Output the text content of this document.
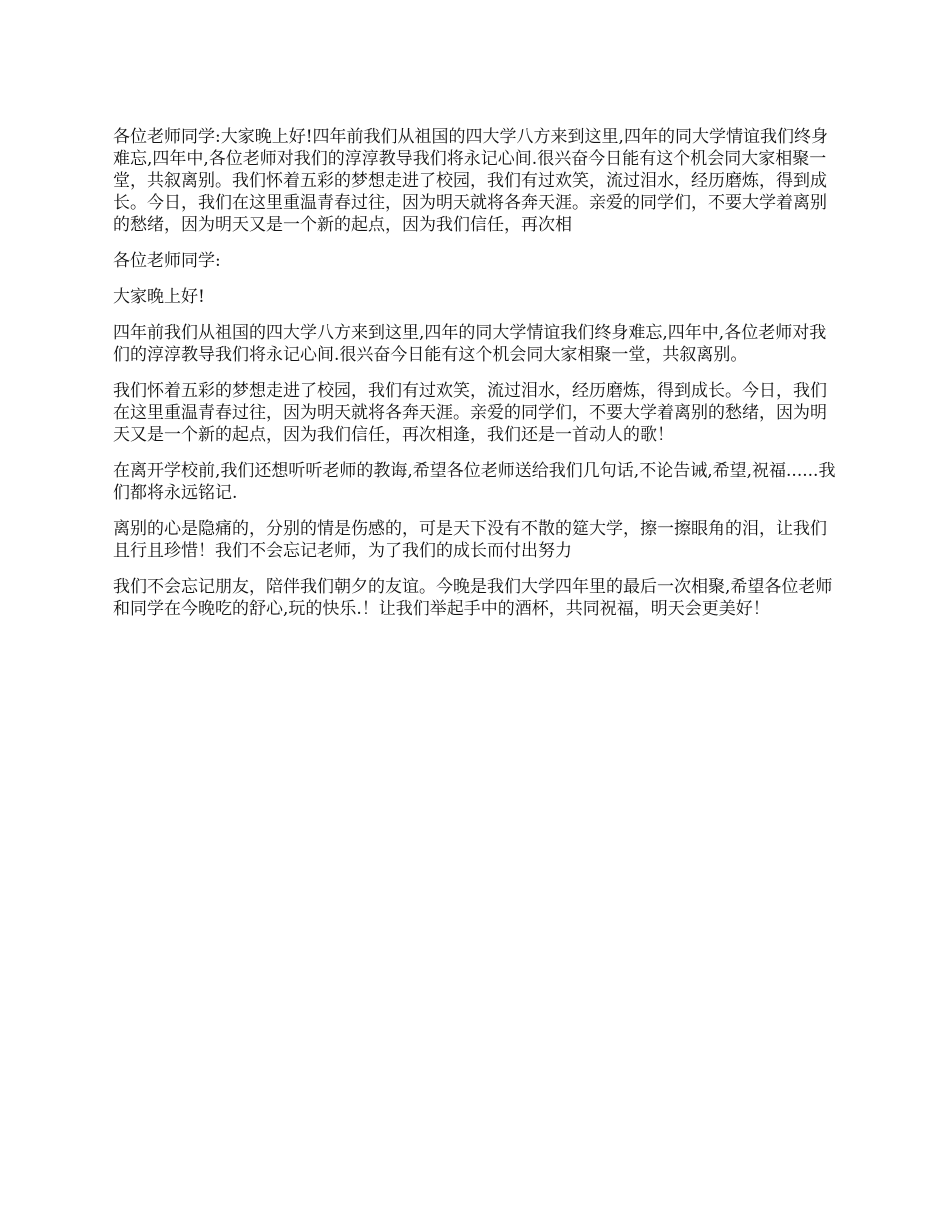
各位老师同学:大家晚上好!四年前我们从祖国的四大学八方来到这里,四年的同大学情谊我们终身难忘,四年中,各位老师对我们的淳淳教导我们将永记心间.很兴奋今日能有这个机会同大家相聚一堂，共叙离别。我们怀着五彩的梦想走进了校园，我们有过欢笑，流过泪水，经历磨炼，得到成长。今日，我们在这里重温青春过往，因为明天就将各奔天涯。亲爱的同学们，不要大学着离别的愁绪，因为明天又是一个新的起点，因为我们信任，再次相

各位老师同学:

大家晚上好!

四年前我们从祖国的四大学八方来到这里,四年的同大学情谊我们终身难忘,四年中,各位老师对我们的淳淳教导我们将永记心间.很兴奋今日能有这个机会同大家相聚一堂，共叙离别。

我们怀着五彩的梦想走进了校园，我们有过欢笑，流过泪水，经历磨炼，得到成长。今日，我们在这里重温青春过往，因为明天就将各奔天涯。亲爱的同学们，不要大学着离别的愁绪，因为明天又是一个新的起点，因为我们信任，再次相逢，我们还是一首动人的歌！

在离开学校前,我们还想听听老师的教诲,希望各位老师送给我们几句话,不论告诫,希望,祝福......我们都将永远铭记.

离别的心是隐痛的，分别的情是伤感的，可是天下没有不散的筵大学，擦一擦眼角的泪，让我们且行且珍惜！我们不会忘记老师，为了我们的成长而付出努力

我们不会忘记朋友，陪伴我们朝夕的友谊。今晚是我们大学四年里的最后一次相聚,希望各位老师和同学在今晚吃的舒心,玩的快乐.！让我们举起手中的酒杯，共同祝福，明天会更美好！
